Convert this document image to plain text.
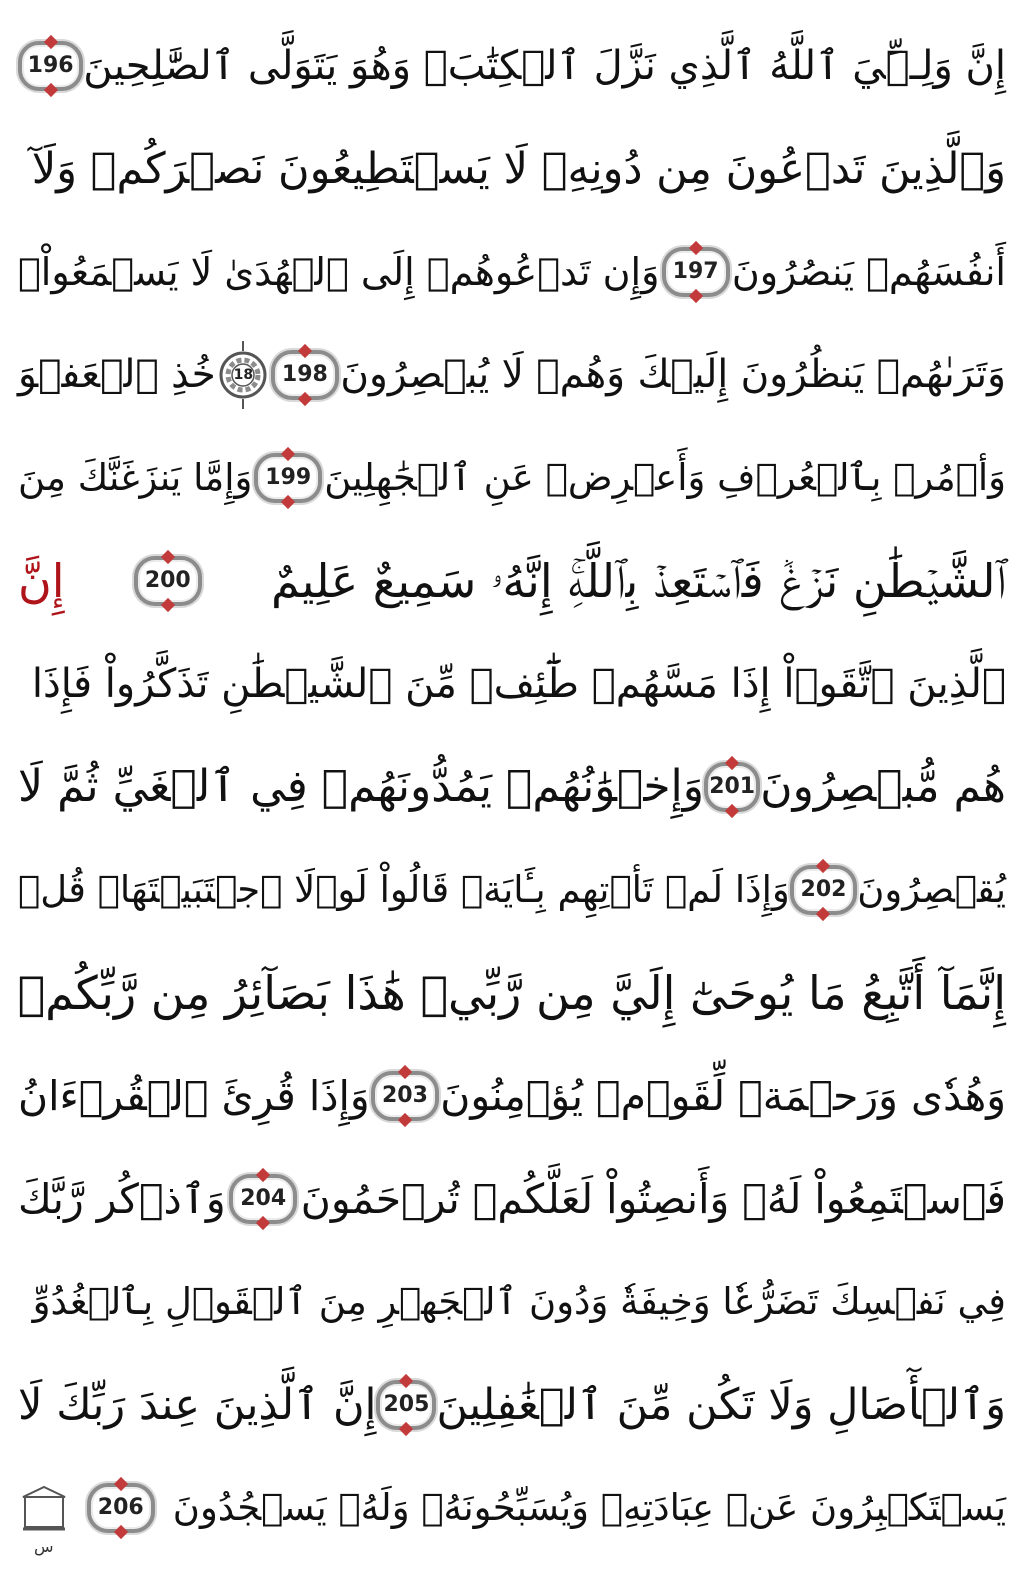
إِنَّ وَلِـِّۧيَ ٱللَّهُ ٱلَّذِي نَزَّلَ ٱلۡكِتَٰبَۖ وَهُوَ يَتَوَلَّى ٱلصَّٰلِحِينَ
196
وَٱلَّذِينَ تَدۡعُونَ مِن دُونِهِۦ لَا يَسۡتَطِيعُونَ نَصۡرَكُمۡ وَلَآ
أَنفُسَهُمۡ يَنصُرُونَ
197
وَإِن تَدۡعُوهُمۡ إِلَى ٱلۡهُدَىٰ لَا يَسۡمَعُواْۖ
وَتَرَىٰهُمۡ يَنظُرُونَ إِلَيۡكَ وَهُمۡ لَا يُبۡصِرُونَ
198
18
خُذِ ٱلۡعَفۡوَ
وَأۡمُرۡ بِٱلۡعُرۡفِ وَأَعۡرِضۡ عَنِ ٱلۡجَٰهِلِينَ
199
وَإِمَّا يَنزَغَنَّكَ مِنَ
ٱلشَّيۡطَٰنِ نَزۡغٞ فَٱسۡتَعِذۡ بِٱللَّهِۚ إِنَّهُۥ سَمِيعٌ عَلِيمٌ
200
إِنَّ
ٱلَّذِينَ ٱتَّقَوۡاْ إِذَا مَسَّهُمۡ طَٰٓئِفٞ مِّنَ ٱلشَّيۡطَٰنِ تَذَكَّرُواْ فَإِذَا
هُم مُّبۡصِرُونَ
201
وَإِخۡوَٰنُهُمۡ يَمُدُّونَهُمۡ فِي ٱلۡغَيِّ ثُمَّ لَا
يُقۡصِرُونَ
202
وَإِذَا لَمۡ تَأۡتِهِم بِـَٔايَةٖ قَالُواْ لَوۡلَا ٱجۡتَبَيۡتَهَاۚ قُلۡ
إِنَّمَآ أَتَّبِعُ مَا يُوحَىٰٓ إِلَيَّ مِن رَّبِّيۚ هَٰذَا بَصَآئِرُ مِن رَّبِّكُمۡ
وَهُدٗى وَرَحۡمَةٞ لِّقَوۡمٖ يُؤۡمِنُونَ
203
وَإِذَا قُرِئَ ٱلۡقُرۡءَانُ
فَٱسۡتَمِعُواْ لَهُۥ وَأَنصِتُواْ لَعَلَّكُمۡ تُرۡحَمُونَ
204
وَٱذۡكُر رَّبَّكَ
فِي نَفۡسِكَ تَضَرُّعٗا وَخِيفَةٗ وَدُونَ ٱلۡجَهۡرِ مِنَ ٱلۡقَوۡلِ بِٱلۡغُدُوِّ
وَٱلۡأٓصَالِ وَلَا تَكُن مِّنَ ٱلۡغَٰفِلِينَ
205
إِنَّ ٱلَّذِينَ عِندَ رَبِّكَ لَا
يَسۡتَكۡبِرُونَ عَنۡ عِبَادَتِهِۦ وَيُسَبِّحُونَهُۥ وَلَهُۥ يَسۡجُدُونَ
206
س
